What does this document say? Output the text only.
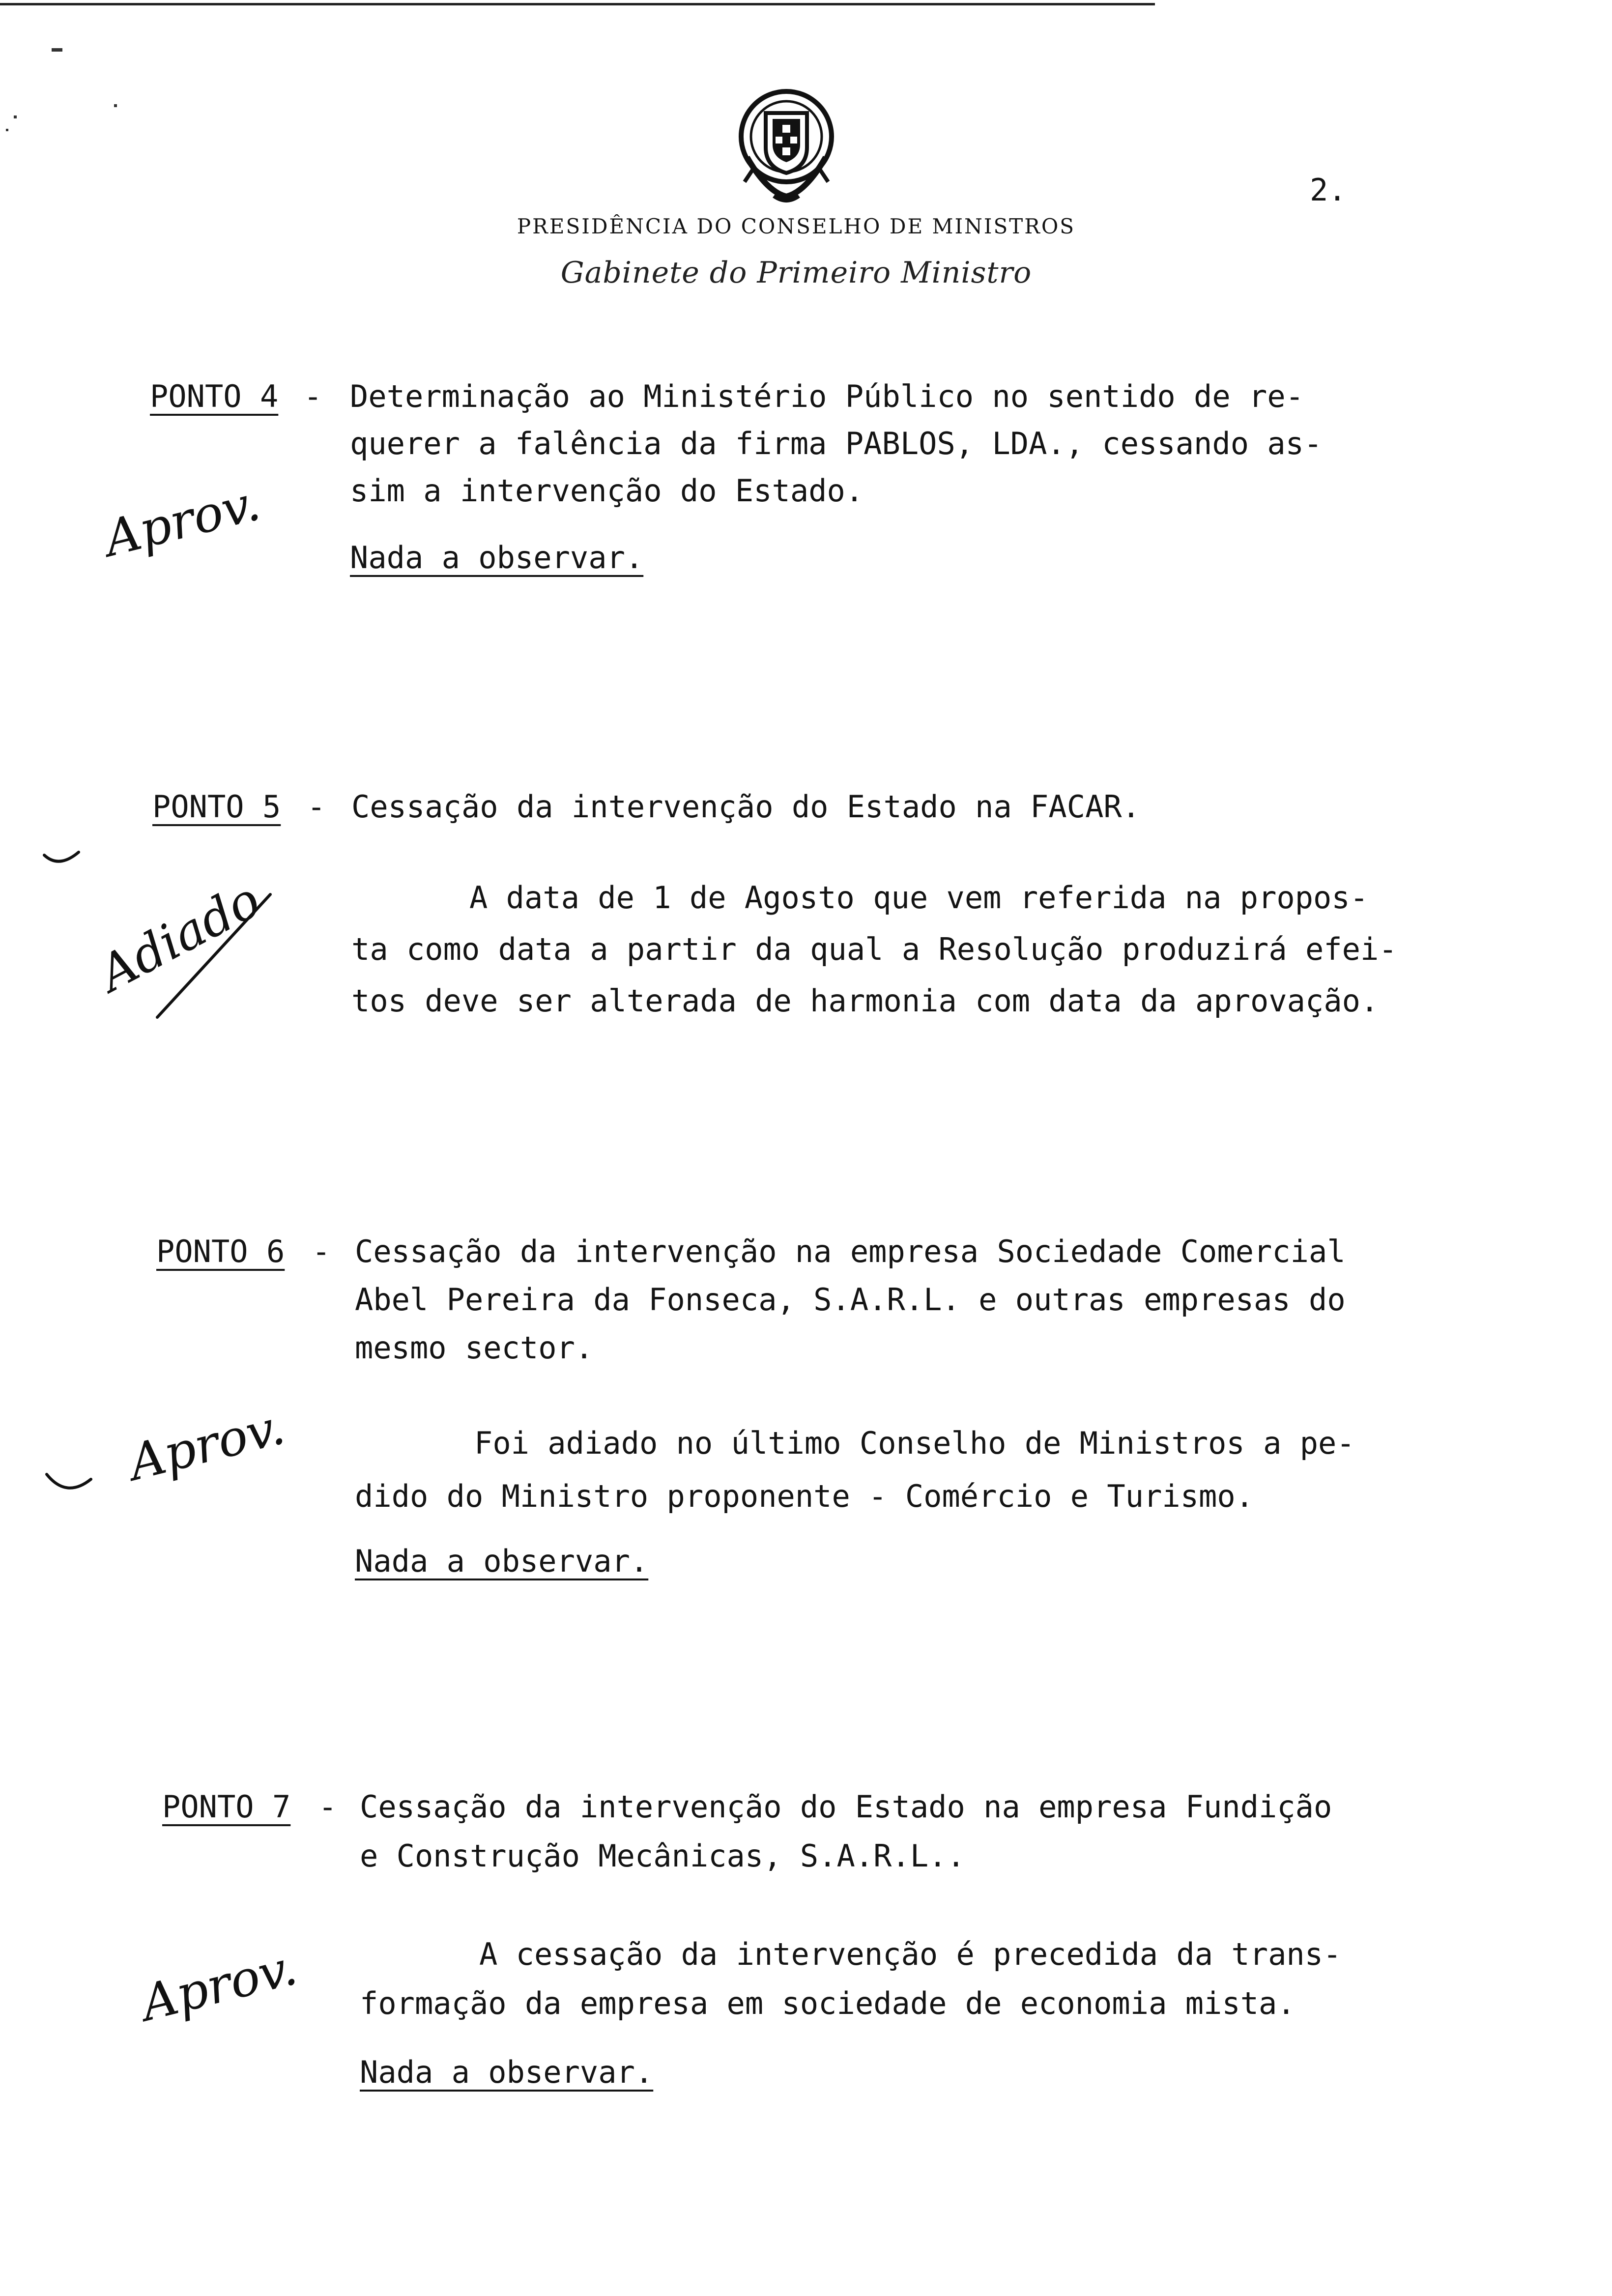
PRESIDÊNCIA DO CONSELHO DE MINISTROS
Gabinete do Primeiro Ministro
2.
PONTO 4 - Determinação ao Ministério Público no sentido de re-
querer a falência da firma PABLOS, LDA., cessando as-
sim a intervenção do Estado.
Nada a observar.
Aprov.
PONTO 5 - Cessação da intervenção do Estado na FACAR.
A data de 1 de Agosto que vem referida na propos-
ta como data a partir da qual a Resolução produzirá efei-
tos deve ser alterada de harmonia com data da aprovação.
Adiado
PONTO 6 - Cessação da intervenção na empresa Sociedade Comercial
Abel Pereira da Fonseca, S.A.R.L. e outras empresas do
mesmo sector.
Foi adiado no último Conselho de Ministros a pe-
dido do Ministro proponente - Comércio e Turismo.
Nada a observar.
Aprov.
PONTO 7 - Cessação da intervenção do Estado na empresa Fundição
e Construção Mecânicas, S.A.R.L..
A cessação da intervenção é precedida da trans-
formação da empresa em sociedade de economia mista.
Nada a observar.
Aprov.
